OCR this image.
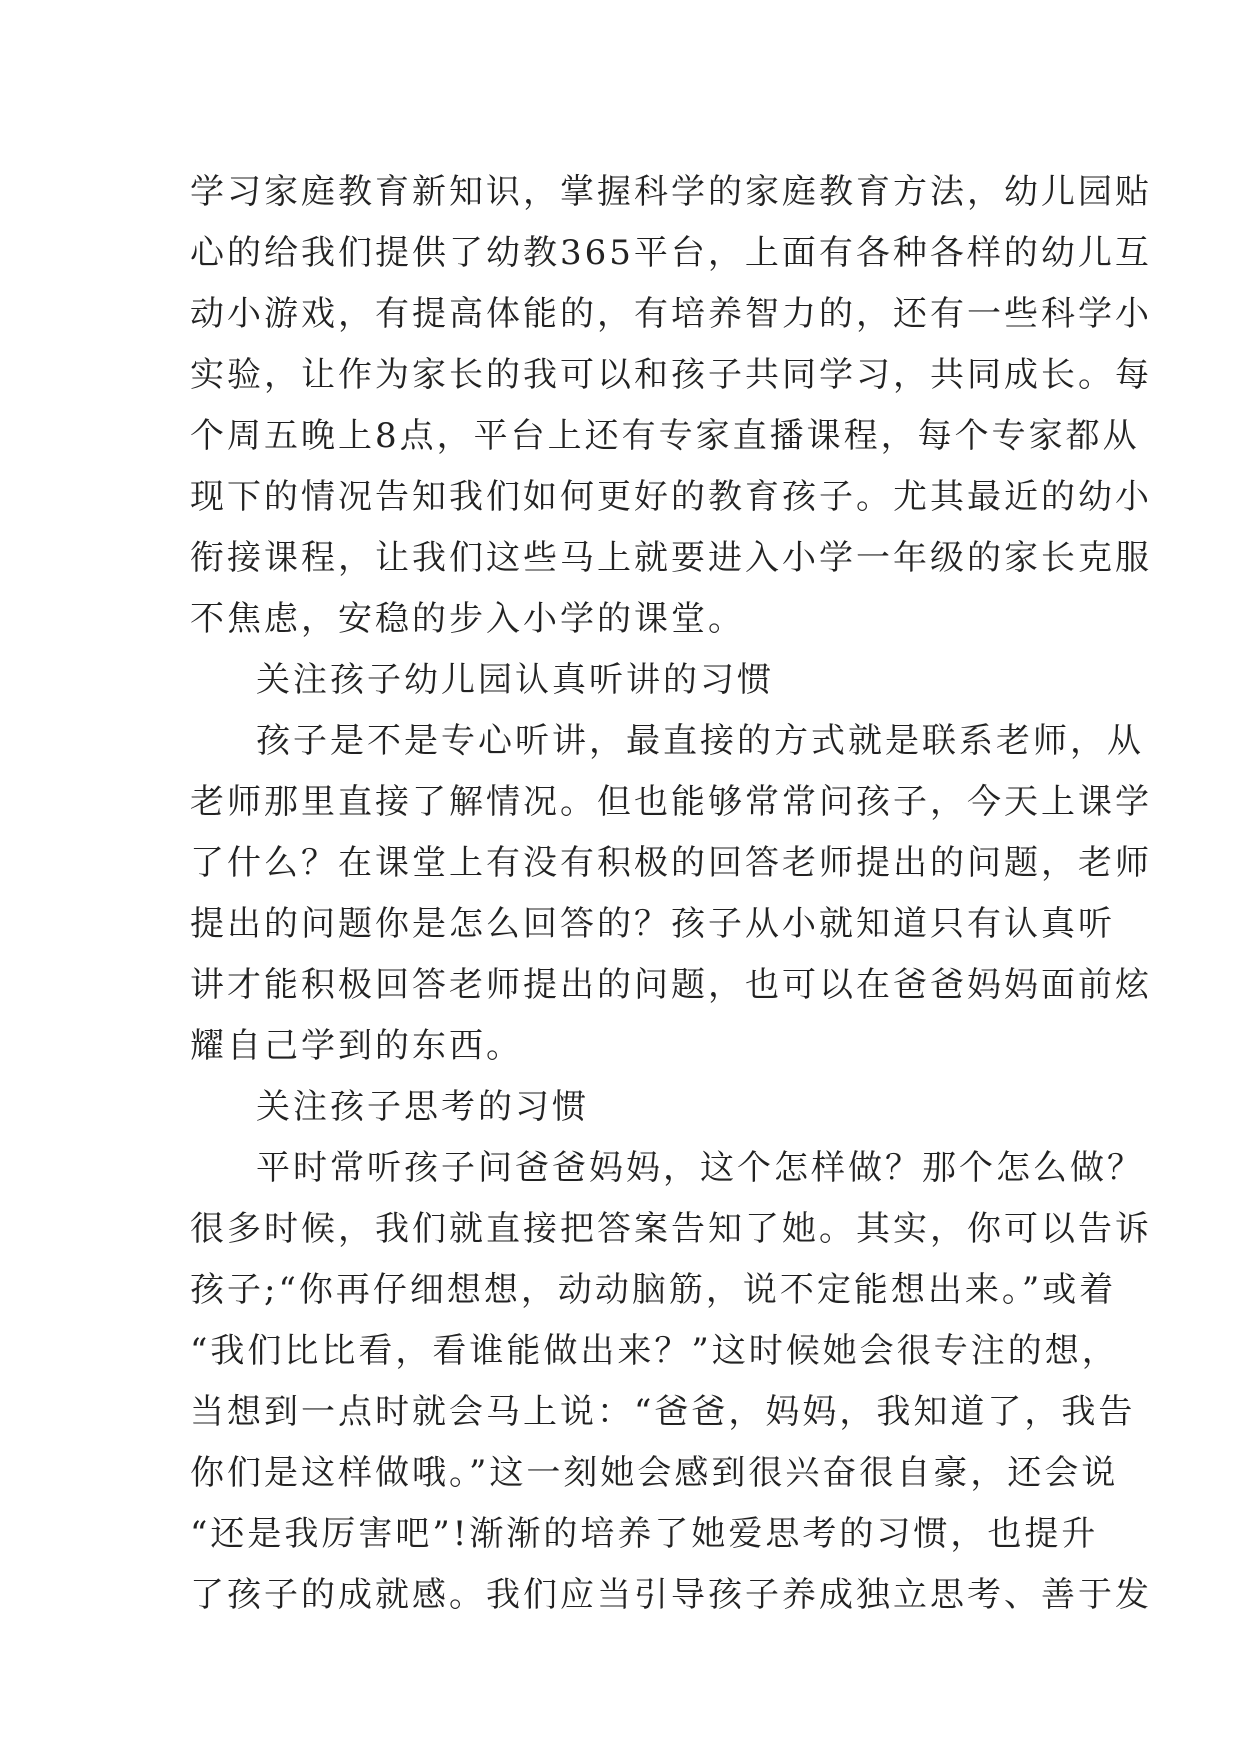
学习家庭教育新知识，掌握科学的家庭教育方法，幼儿园贴
心的给我们提供了幼教365平台，上面有各种各样的幼儿互
动小游戏，有提高体能的，有培养智力的，还有一些科学小
实验，让作为家长的我可以和孩子共同学习，共同成长。每
个周五晚上8点，平台上还有专家直播课程，每个专家都从
现下的情况告知我们如何更好的教育孩子。尤其最近的幼小
衔接课程，让我们这些马上就要进入小学一年级的家长克服
不焦虑，安稳的步入小学的课堂。
关注孩子幼儿园认真听讲的习惯
孩子是不是专心听讲，最直接的方式就是联系老师，从
老师那里直接了解情况。但也能够常常问孩子，今天上课学
了什么？在课堂上有没有积极的回答老师提出的问题，老师
提出的问题你是怎么回答的？孩子从小就知道只有认真听
讲才能积极回答老师提出的问题，也可以在爸爸妈妈面前炫
耀自己学到的东西。
关注孩子思考的习惯
平时常听孩子问爸爸妈妈，这个怎样做？那个怎么做？
很多时候，我们就直接把答案告知了她。其实，你可以告诉
孩子;“你再仔细想想，动动脑筋，说不定能想出来。”或着
“我们比比看，看谁能做出来？”这时候她会很专注的想，
当想到一点时就会马上说：“爸爸，妈妈，我知道了，我告
你们是这样做哦。”这一刻她会感到很兴奋很自豪，还会说
“还是我厉害吧”!渐渐的培养了她爱思考的习惯，也提升
了孩子的成就感。我们应当引导孩子养成独立思考、善于发
